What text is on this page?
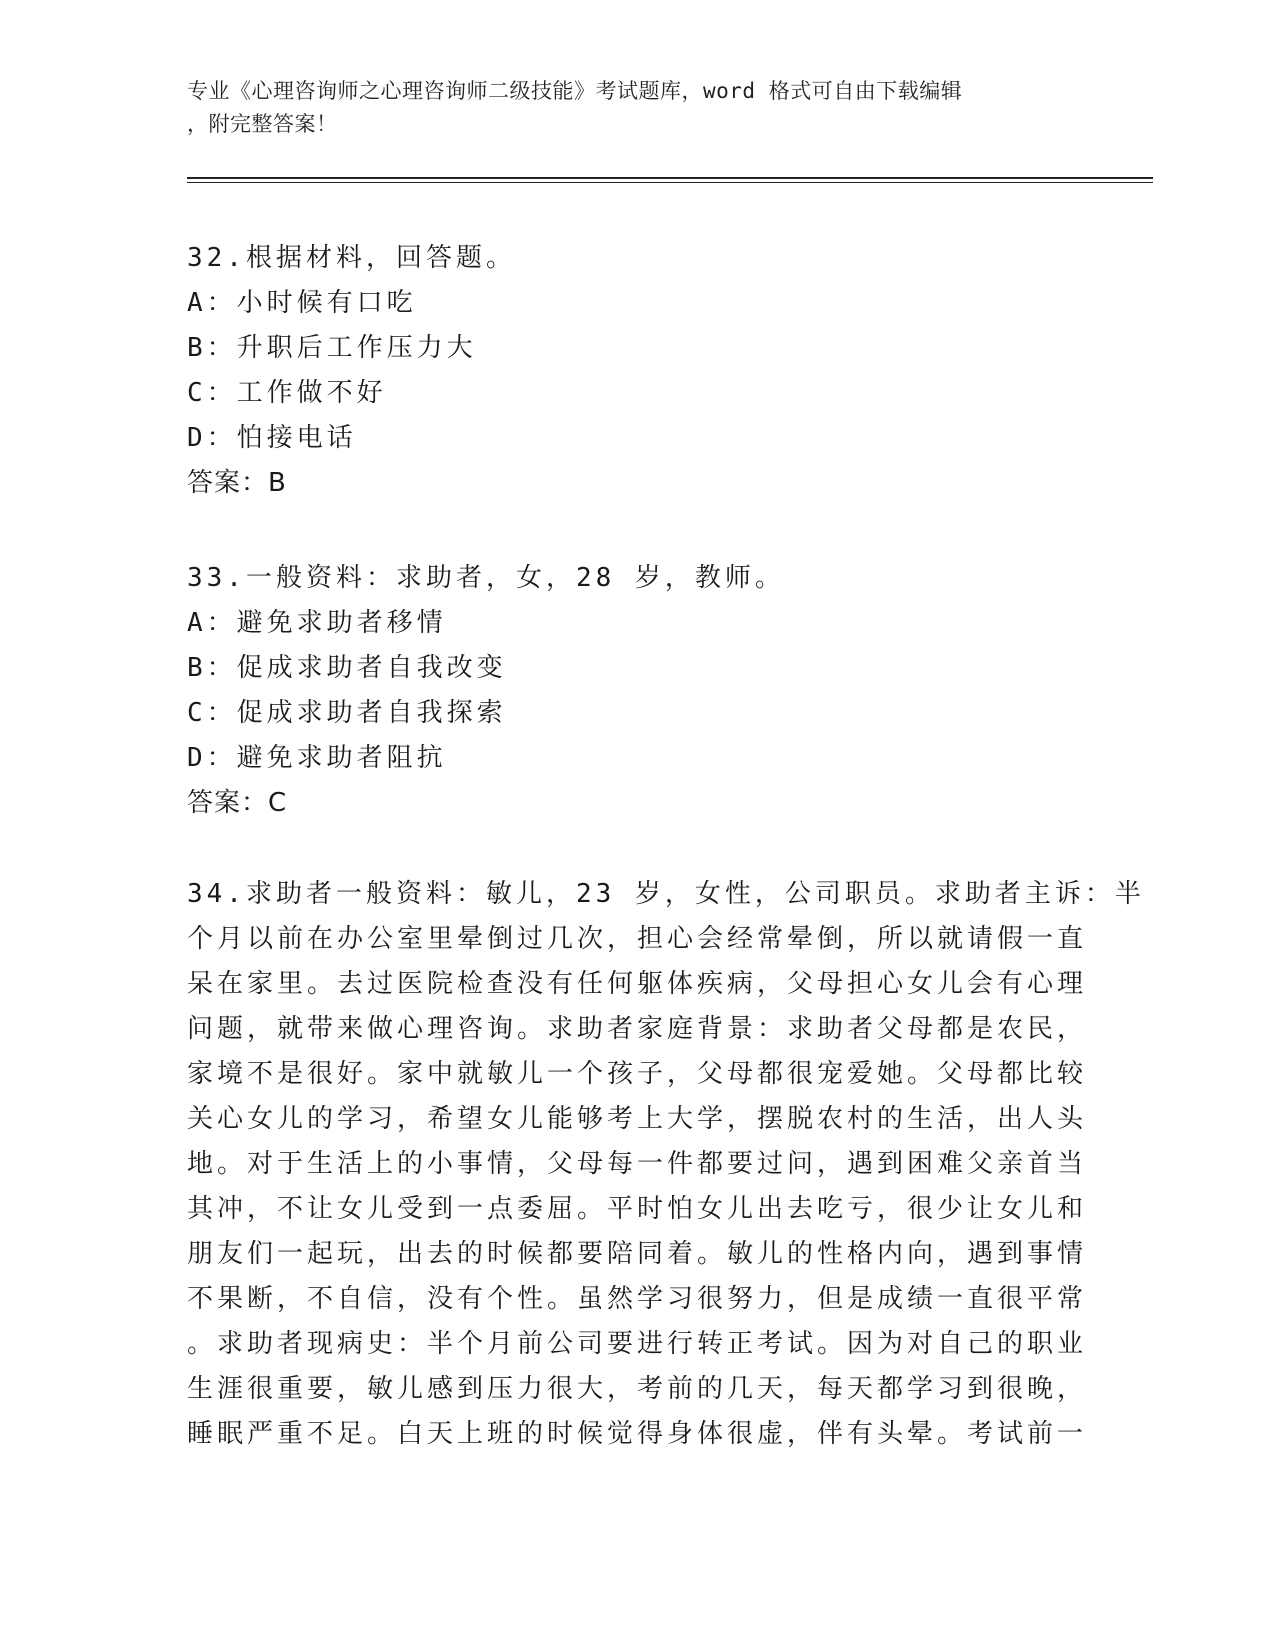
专业《心理咨询师之心理咨询师二级技能》考试题库，word 格式可自由下载编辑
，附完整答案！
32.根据材料，回答题。
A：小时候有口吃
B：升职后工作压力大
C：工作做不好
D：怕接电话
答案：B
33.一般资料：求助者，女，28 岁，教师。
A：避免求助者移情
B：促成求助者自我改变
C：促成求助者自我探索
D：避免求助者阻抗
答案：C
34.求助者一般资料：敏儿，23 岁，女性，公司职员。求助者主诉：半
个月以前在办公室里晕倒过几次，担心会经常晕倒，所以就请假一直
呆在家里。去过医院检查没有任何躯体疾病，父母担心女儿会有心理
问题，就带来做心理咨询。求助者家庭背景：求助者父母都是农民，
家境不是很好。家中就敏儿一个孩子，父母都很宠爱她。父母都比较
关心女儿的学习，希望女儿能够考上大学，摆脱农村的生活，出人头
地。对于生活上的小事情，父母每一件都要过问，遇到困难父亲首当
其冲，不让女儿受到一点委屈。平时怕女儿出去吃亏，很少让女儿和
朋友们一起玩，出去的时候都要陪同着。敏儿的性格内向，遇到事情
不果断，不自信，没有个性。虽然学习很努力，但是成绩一直很平常
。求助者现病史：半个月前公司要进行转正考试。因为对自己的职业
生涯很重要，敏儿感到压力很大，考前的几天，每天都学习到很晚，
睡眠严重不足。白天上班的时候觉得身体很虚，伴有头晕。考试前一
